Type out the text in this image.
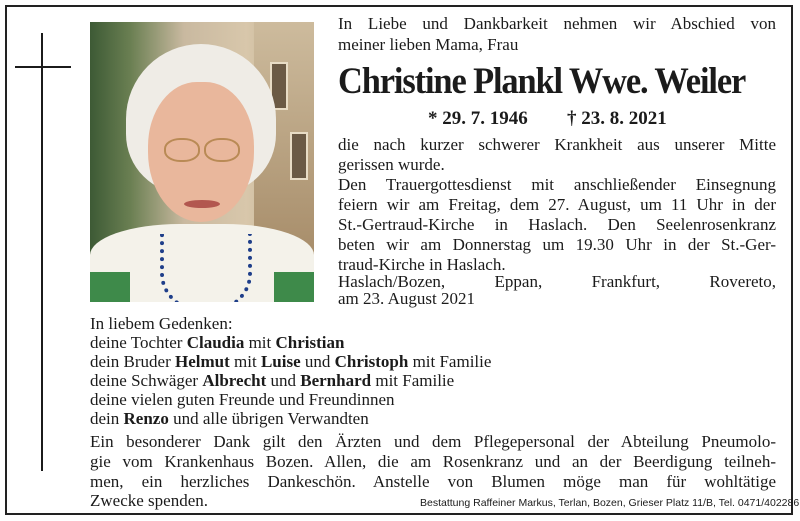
In Liebe und Dankbarkeit nehmen wir Abschied von
meiner lieben Mama, Frau
Christine Plankl Wwe. Weiler
* 29. 7. 1946 † 23. 8. 2021
die nach kurzer schwerer Krankheit aus unserer Mitte
gerissen wurde.
Den Trauergottesdienst mit anschließender Einsegnung
feiern wir am Freitag, dem 27. August, um 11 Uhr in der
St.-Gertraud-Kirche in Haslach. Den Seelenrosenkranz
beten wir am Donnerstag um 19.30 Uhr in der St.-Ger-
traud-Kirche in Haslach.
Haslach/Bozen, Eppan, Frankfurt, Rovereto,
am 23. August 2021
In liebem Gedenken:
deine Tochter Claudia mit Christian
dein Bruder Helmut mit Luise und Christoph mit Familie
deine Schwäger Albrecht und Bernhard mit Familie
deine vielen guten Freunde und Freundinnen
dein Renzo und alle übrigen Verwandten
Ein besonderer Dank gilt den Ärzten und dem Pflegepersonal der Abteilung Pneumolo-
gie vom Krankenhaus Bozen. Allen, die am Rosenkranz und an der Beerdigung teilneh-
men, ein herzliches Dankeschön. Anstelle von Blumen möge man für wohltätige
Zwecke spenden.	Bestattung Raffeiner Markus, Terlan, Bozen, Grieser Platz 11/B, Tel. 0471/402286
